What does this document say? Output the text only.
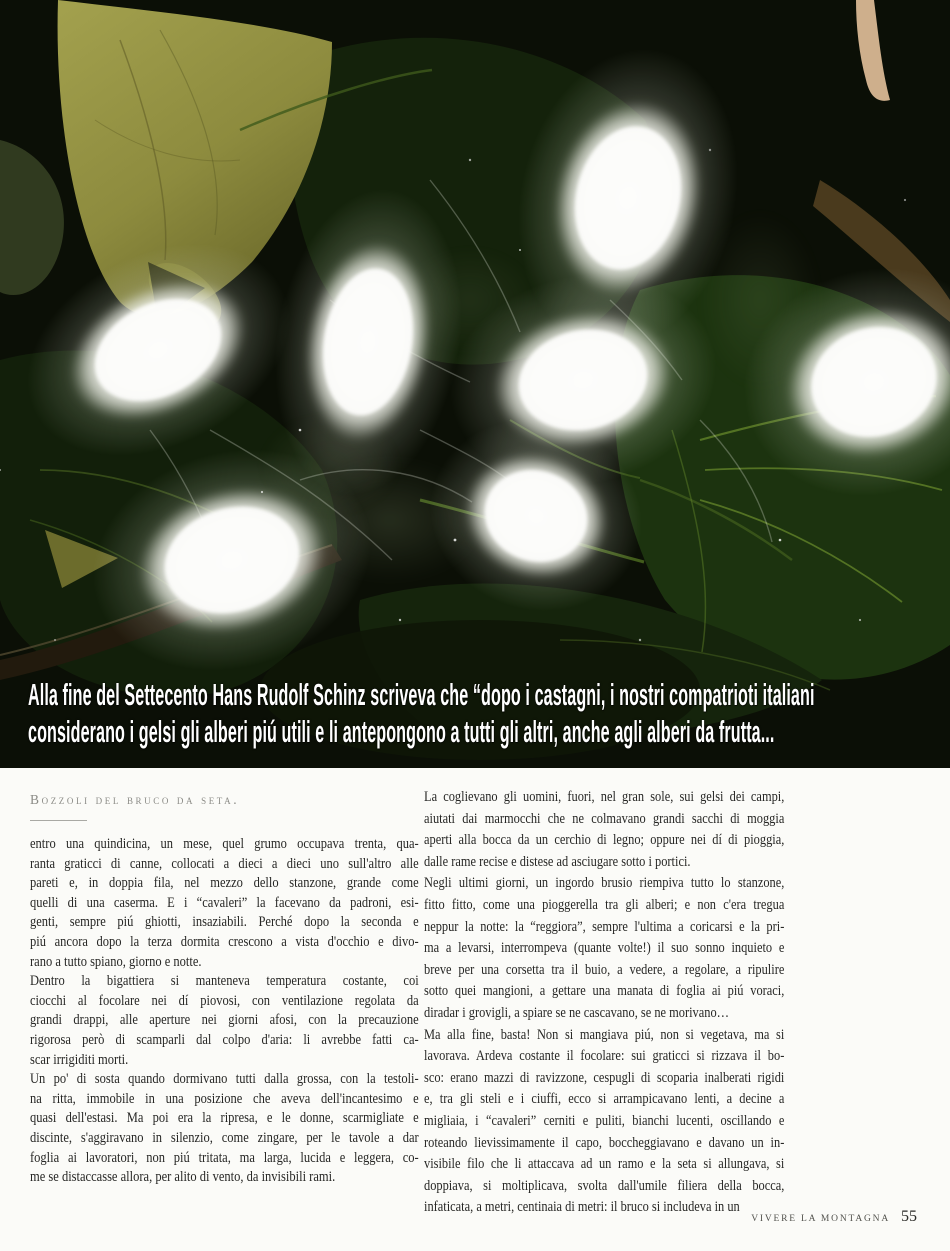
Alla fine del Settecento Hans Rudolf Schinz scriveva che “dopo i castagni, i nostri compatrioti italiani
considerano i gelsi gli alberi piú utili e li antepongono a tutti gli altri, anche agli alberi da frutta...
Bozzoli del bruco da seta.
entro una quindicina, un mese, quel grumo occupava trenta, qua-
ranta graticci di canne, collocati a dieci a dieci uno sull'altro alle
pareti e, in doppia fila, nel mezzo dello stanzone, grande come
quelli di una caserma. E i “cavaleri” la facevano da padroni, esi-
genti, sempre piú ghiotti, insaziabili. Perché dopo la seconda e
piú ancora dopo la terza dormita crescono a vista d'occhio e divo-
rano a tutto spiano, giorno e notte.
Dentro la bigattiera si manteneva temperatura costante, coi
ciocchi al focolare nei dí piovosi, con ventilazione regolata da
grandi drappi, alle aperture nei giorni afosi, con la precauzione
rigorosa però di scamparli dal colpo d'aria: li avrebbe fatti ca-
scar irrigiditi morti.
Un po' di sosta quando dormivano tutti dalla grossa, con la testoli-
na ritta, immobile in una posizione che aveva dell'incantesimo e
quasi dell'estasi. Ma poi era la ripresa, e le donne, scarmigliate e
discinte, s'aggiravano in silenzio, come zingare, per le tavole a dar
foglia ai lavoratori, non piú tritata, ma larga, lucida e leggera, co-
me se distaccasse allora, per alito di vento, da invisibili rami.
La coglievano gli uomini, fuori, nel gran sole, sui gelsi dei campi,
aiutati dai marmocchi che ne colmavano grandi sacchi di moggia
aperti alla bocca da un cerchio di legno; oppure nei dí di pioggia,
dalle rame recise e distese ad asciugare sotto i portici.
Negli ultimi giorni, un ingordo brusio riempiva tutto lo stanzone,
fitto fitto, come una pioggerella tra gli alberi; e non c'era tregua
neppur la notte: la “reggiora”, sempre l'ultima a coricarsi e la pri-
ma a levarsi, interrompeva (quante volte!) il suo sonno inquieto e
breve per una corsetta tra il buio, a vedere, a regolare, a ripulire
sotto quei mangioni, a gettare una manata di foglia ai piú voraci,
diradar i grovigli, a spiare se ne cascavano, se ne morivano…
Ma alla fine, basta! Non si mangiava piú, non si vegetava, ma si
lavorava. Ardeva costante il focolare: sui graticci si rizzava il bo-
sco: erano mazzi di ravizzone, cespugli di scoparia inalberati rigidi
e, tra gli steli e i ciuffi, ecco si arrampicavano lenti, a decine a
migliaia, i “cavaleri” cerniti e puliti, bianchi lucenti, oscillando e
roteando lievissimamente il capo, boccheggiavano e davano un in-
visibile filo che li attaccava ad un ramo e la seta si allungava, si
doppiava, si moltiplicava, svolta dall'umile filiera della bocca,
infaticata, a metri, centinaia di metri: il bruco si includeva in un
VIVERE LA MONTAGNA 55
